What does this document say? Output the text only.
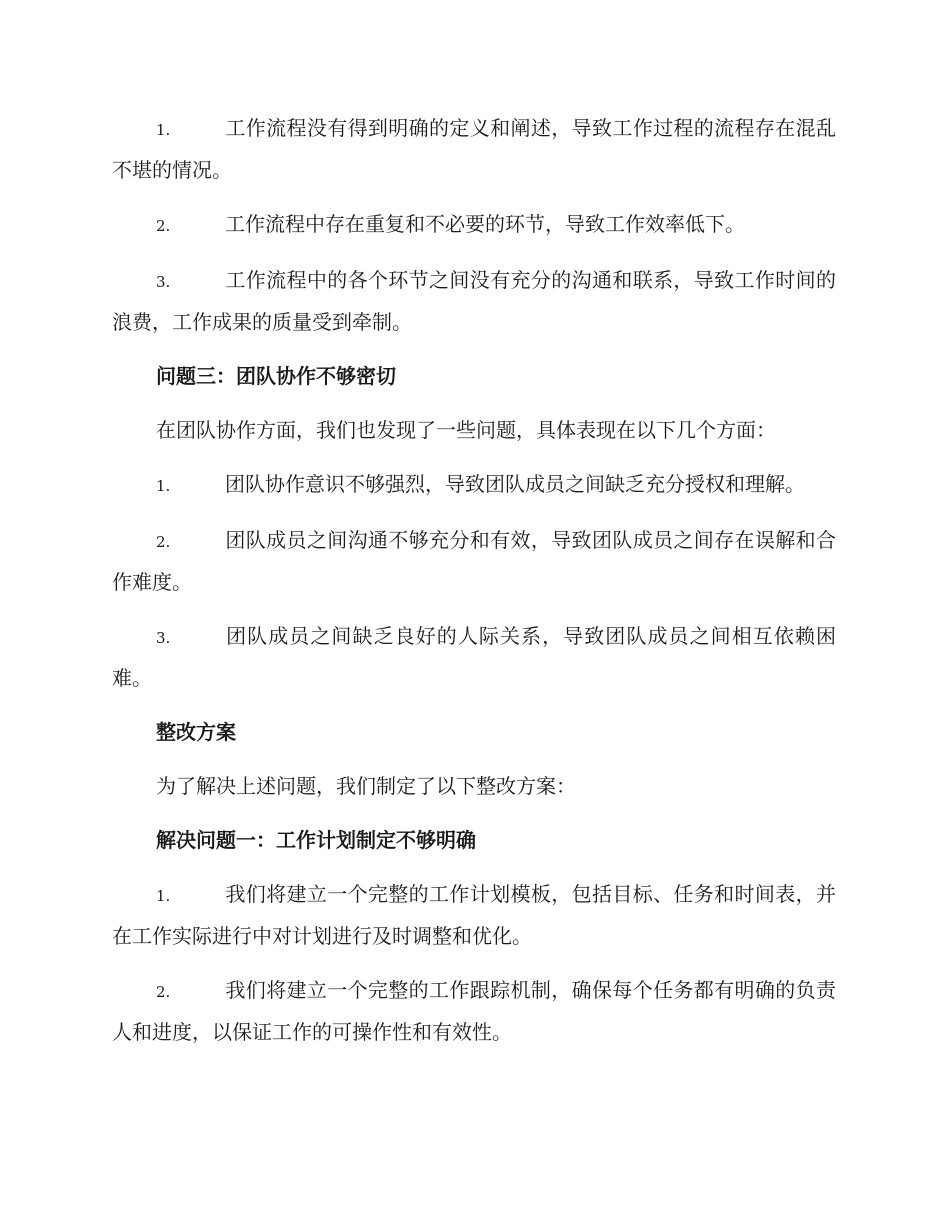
1.	工作流程没有得到明确的定义和阐述，导致工作过程的流程存在混乱不堪的情况。

2.	工作流程中存在重复和不必要的环节，导致工作效率低下。

3.	工作流程中的各个环节之间没有充分的沟通和联系，导致工作时间的浪费，工作成果的质量受到牵制。

问题三：团队协作不够密切

在团队协作方面，我们也发现了一些问题，具体表现在以下几个方面：

1.	团队协作意识不够强烈，导致团队成员之间缺乏充分授权和理解。

2.	团队成员之间沟通不够充分和有效，导致团队成员之间存在误解和合作难度。

3.	团队成员之间缺乏良好的人际关系，导致团队成员之间相互依赖困难。

整改方案

为了解决上述问题，我们制定了以下整改方案：

解决问题一：工作计划制定不够明确

1.	我们将建立一个完整的工作计划模板，包括目标、任务和时间表，并在工作实际进行中对计划进行及时调整和优化。

2.	我们将建立一个完整的工作跟踪机制，确保每个任务都有明确的负责人和进度，以保证工作的可操作性和有效性。
